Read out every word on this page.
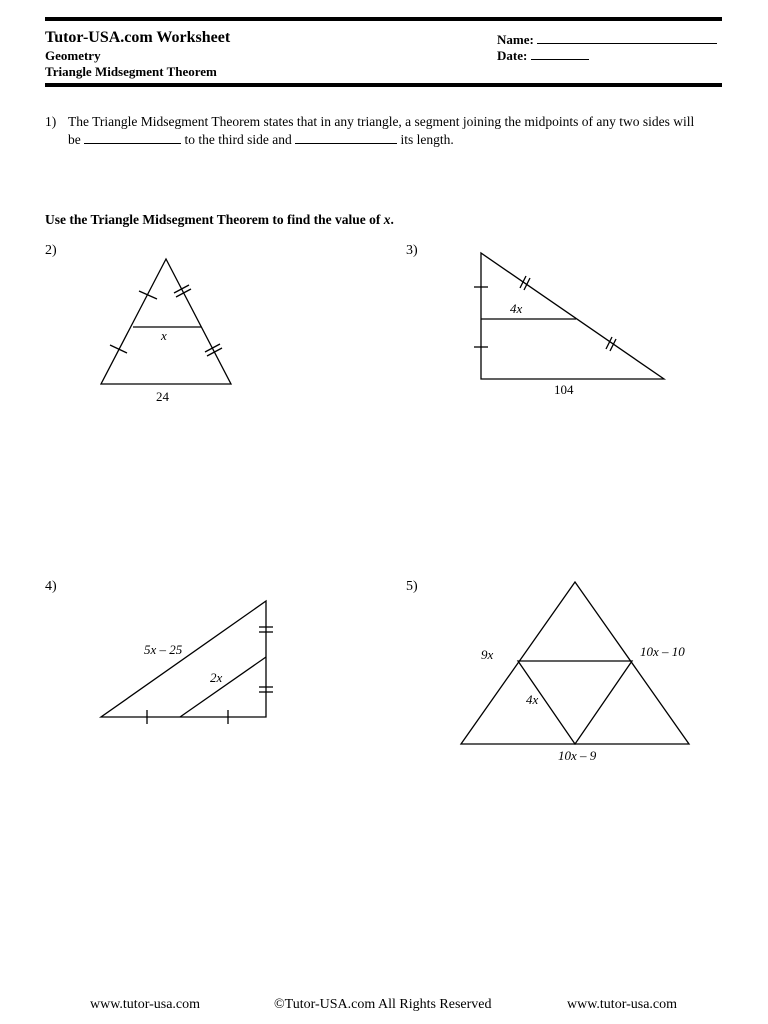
Tutor-USA.com Worksheet
Geometry
Triangle Midsegment Theorem
Name:
Date:
1) The Triangle Midsegment Theorem states that in any triangle, a segment joining the midpoints of any two sides will
be	to the third side and	its length.
Use the Triangle Midsegment Theorem to find the value of x.
2)	3)
4)	5)
x
24
4x
104
5x – 25
2x
9x	10x – 10
4x
10x – 9
www.tutor-usa.com	©Tutor-USA.com All Rights Reserved	www.tutor-usa.com
